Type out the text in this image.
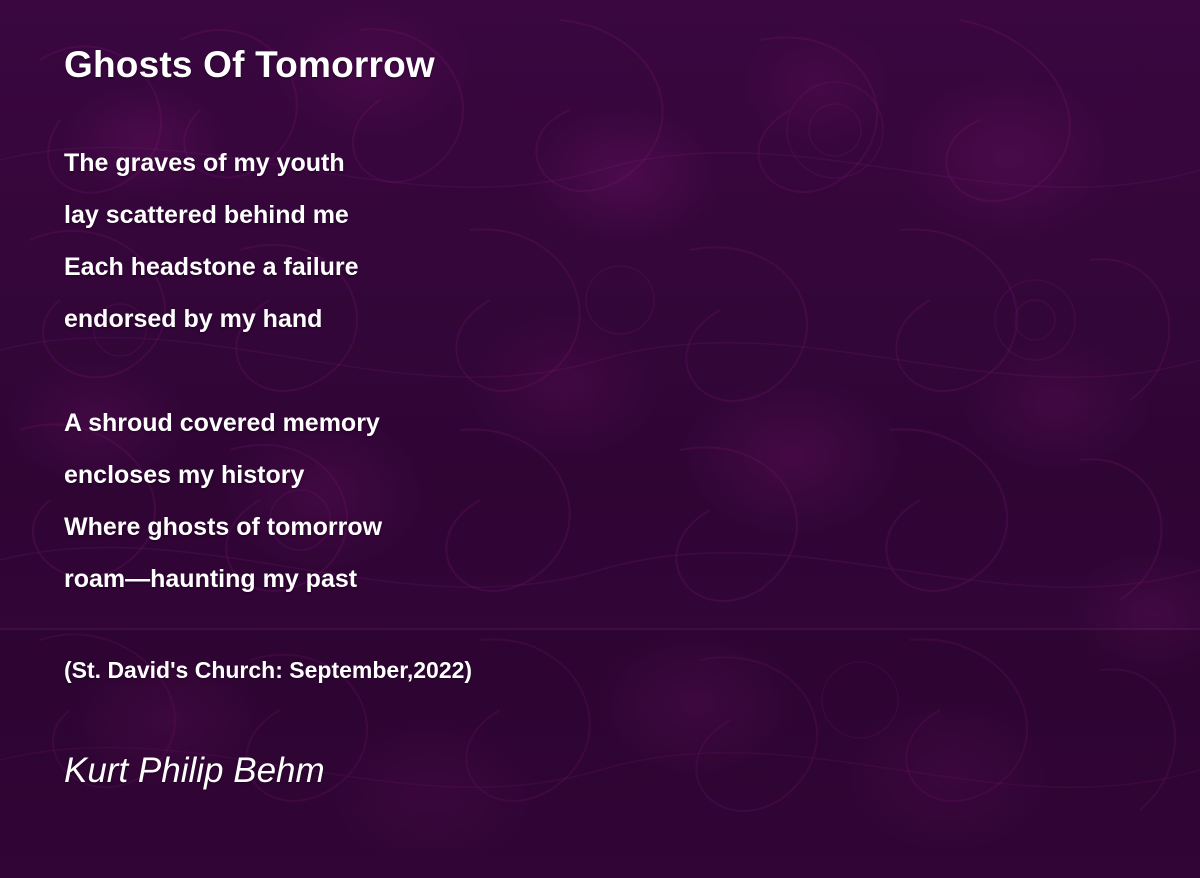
Ghosts Of Tomorrow
The graves of my youth
lay scattered behind me
Each headstone a failure
endorsed by my hand
A shroud covered memory
encloses my history
Where ghosts of tomorrow
roam—haunting my past
(St. David's Church: September,2022)
Kurt Philip Behm
